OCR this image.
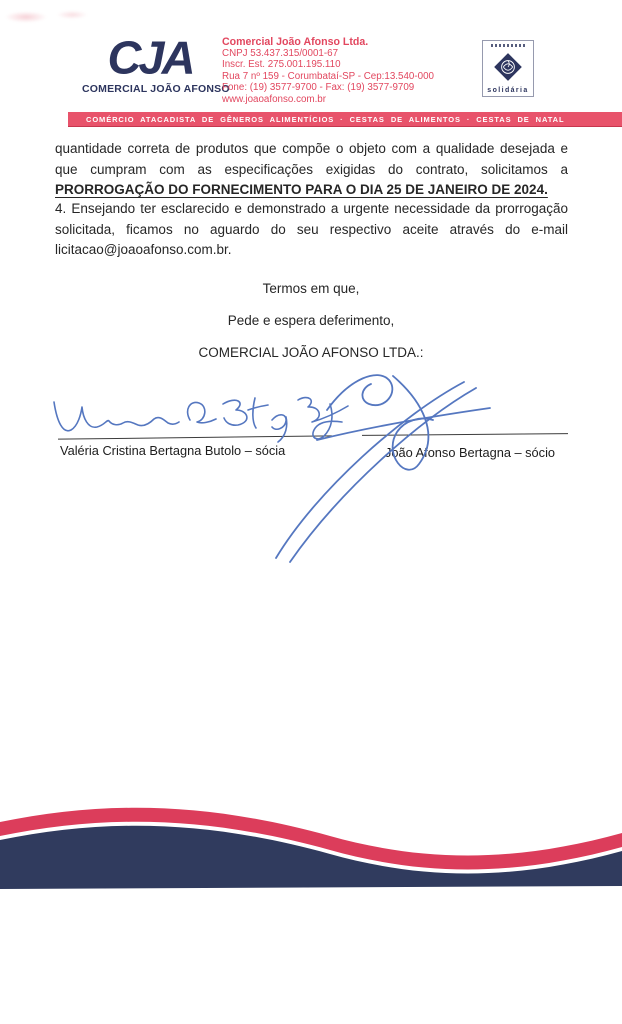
CJA
COMERCIAL JOÃO AFONSO
Comercial João Afonso Ltda.
CNPJ 53.437.315/0001-67
Inscr. Est. 275.001.195.110
Rua 7 nº 159 - Corumbataí-SP - Cep:13.540-000
Fone: (19) 3577-9700 - Fax: (19) 3577-9709
www.joaoafonso.com.br
solidária
COMÉRCIO ATACADISTA DE GÊNEROS ALIMENTÍCIOS · CESTAS DE ALIMENTOS · CESTAS DE NATAL
quantidade correta de produtos que compõe o objeto com a qualidade desejada e que cumpram com as especificações exigidas do contrato, solicitamos a PRORROGAÇÃO DO FORNECIMENTO PARA O DIA 25 DE JANEIRO DE 2024.
4. Ensejando ter esclarecido e demonstrado a urgente necessidade da prorrogação solicitada, ficamos no aguardo do seu respectivo aceite através do e-mail licitacao@joaoafonso.com.br.
Termos em que,
Pede e espera deferimento,
COMERCIAL JOÃO AFONSO LTDA.:
Valéria Cristina Bertagna Butolo – sócia	João Afonso Bertagna – sócio
